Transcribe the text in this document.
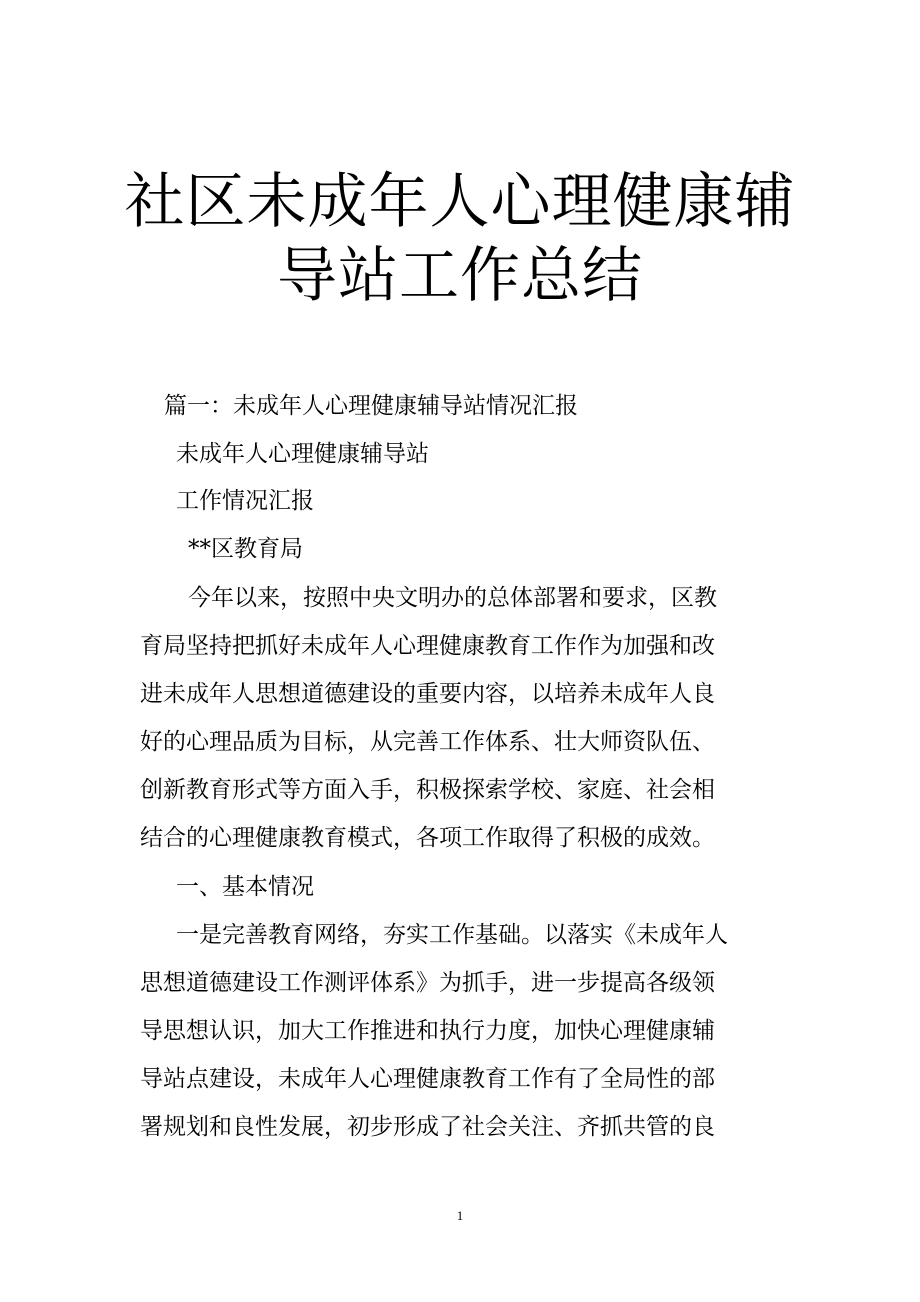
社区未成年人心理健康辅
导站工作总结
篇一：未成年人心理健康辅导站情况汇报
未成年人心理健康辅导站
工作情况汇报
**区教育局
今年以来，按照中央文明办的总体部署和要求，区教
育局坚持把抓好未成年人心理健康教育工作作为加强和改
进未成年人思想道德建设的重要内容，以培养未成年人良
好的心理品质为目标，从完善工作体系、壮大师资队伍、
创新教育形式等方面入手，积极探索学校、家庭、社会相
结合的心理健康教育模式，各项工作取得了积极的成效。
一、基本情况
一是完善教育网络，夯实工作基础。以落实《未成年人
思想道德建设工作测评体系》为抓手，进一步提高各级领
导思想认识，加大工作推进和执行力度，加快心理健康辅
导站点建设，未成年人心理健康教育工作有了全局性的部
署规划和良性发展，初步形成了社会关注、齐抓共管的良
1
